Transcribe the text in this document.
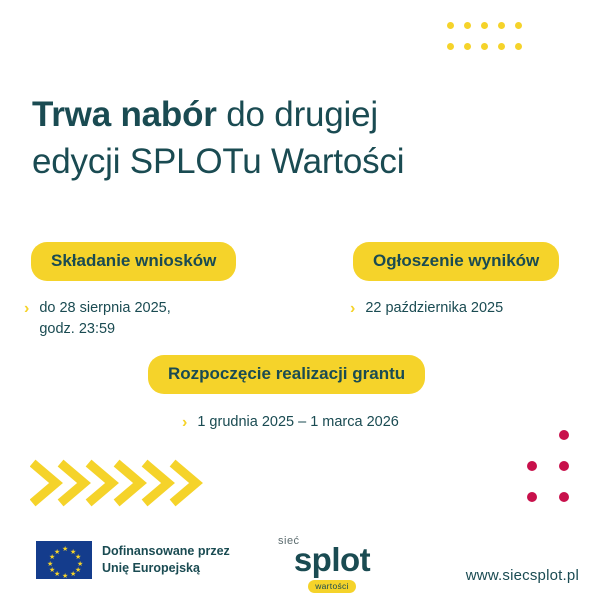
Trwa nabór do drugiej
edycji SPLOTu Wartości
Składanie wniosków	Ogłoszenie wyników
› do 28 sierpnia 2025,
godz. 23:59
› 22 października 2025
Rozpoczęcie realizacji grantu
› 1 grudnia 2025 – 1 marca 2026
★ ★
★
★
★
★
★
★
★
★
★
★	Dofinansowane przez
Unię Europejską
sieć
splot
wartości
www.siecsplot.pl
